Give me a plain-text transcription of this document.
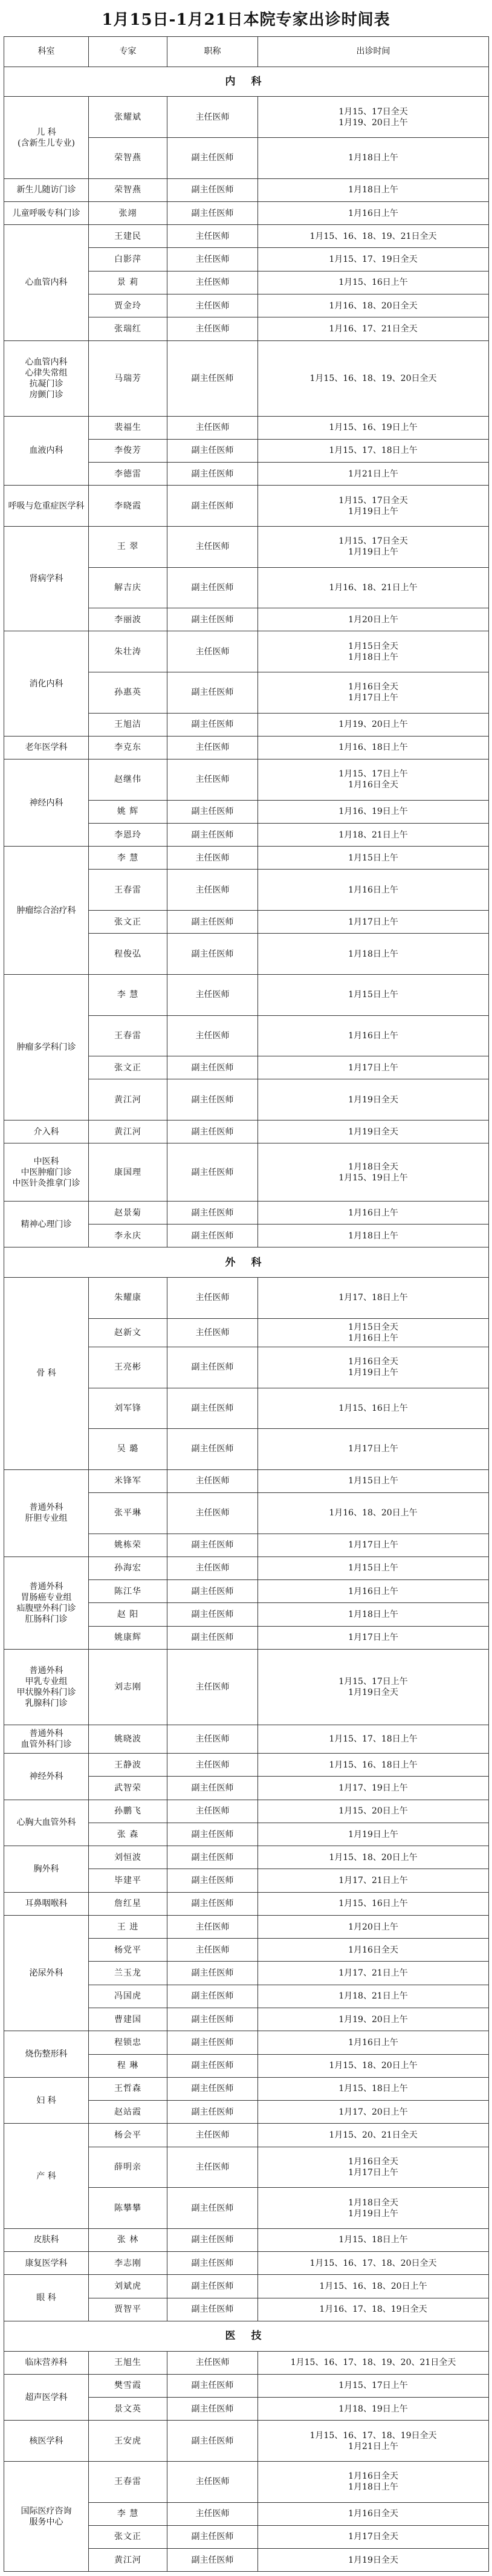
1月15日-1月21日本院专家出诊时间表
科室	专家	职称	出诊时间
内 科			
儿 科
(含新生儿专业)	张耀斌	主任医师	1月15、17日全天
1月19、20日上午
	荣智燕	副主任医师	1月18日上午
新生儿随访门诊	荣智燕	副主任医师	1月18日上午
儿童呼吸专科门诊	张翊	副主任医师	1月16日上午
心血管内科	王建民	主任医师	1月15、16、18、19、21日全天
	白影萍	主任医师	1月15、17、19日全天
	景 莉	主任医师	1月15、16日上午
	贾金玲	主任医师	1月16、18、20日全天
	张瑞红	主任医师	1月16、17、21日全天
心血管内科
心律失常组
抗凝门诊
房颤门诊	马瑞芳	副主任医师	1月15、16、18、19、20日全天
血液内科	裴福生	主任医师	1月15、16、19日上午
	李俊芳	副主任医师	1月15、17、18日上午
	李德雷	副主任医师	1月21日上午
呼吸与危重症医学科	李晓霞	副主任医师	1月15、17日全天
1月19日上午
肾病学科	王 翠	主任医师	1月15、17日全天
1月19日上午
	解吉庆	副主任医师	1月16、18、21日上午
	李丽波	副主任医师	1月20日上午
消化内科	朱壮涛	主任医师	1月15日全天
1月18日上午
	孙惠英	副主任医师	1月16日全天
1月17日上午
	王旭洁	副主任医师	1月19、20日上午
老年医学科	李克东	主任医师	1月16、18日上午
神经内科	赵继伟	主任医师	1月15、17日上午
1月16日全天
	姚 辉	副主任医师	1月16、19日上午
	李恩玲	副主任医师	1月18、21日上午
肿瘤综合治疗科	李 慧	主任医师	1月15日上午
	王春雷	主任医师	1月16日上午
	张文正	副主任医师	1月17日上午
	程俊弘	副主任医师	1月18日上午
肿瘤多学科门诊	李 慧	主任医师	1月15日上午
	王春雷	主任医师	1月16日上午
	张文正	副主任医师	1月17日上午
	黄江河	副主任医师	1月19日全天
介入科	黄江河	副主任医师	1月19日全天
中医科
中医肿瘤门诊
中医针灸推拿门诊	康国理	副主任医师	1月18日全天
1月15、19日上午
精神心理门诊	赵景菊	副主任医师	1月16日上午
	李永庆	副主任医师	1月18日上午
外 科			
骨 科	朱耀康	主任医师	1月17、18日上午
	赵新文	主任医师	1月15日全天
1月16日上午
	王亮彬	副主任医师	1月16日全天
1月19日上午
	刘军锋	副主任医师	1月15、16日上午
	吴 璐	副主任医师	1月17日上午
普通外科
肝胆专业组	米锋军	主任医师	1月15日上午
	张平琳	主任医师	1月16、18、20日上午
	姚栋荣	副主任医师	1月17日上午
普通外科
胃肠癌专业组
疝腹壁外科门诊
肛肠科门诊	孙海宏	主任医师	1月15日上午
	陈江华	副主任医师	1月16日上午
	赵 阳	副主任医师	1月18日上午
	姚康辉	副主任医师	1月17日上午
普通外科
甲乳专业组
甲状腺外科门诊
乳腺科门诊	刘志刚	主任医师	1月15、17日上午
1月19日全天
普通外科
血管外科门诊	姚晓波	主任医师	1月15、17、18日上午
神经外科	王静波	主任医师	1月15、16、18日上午
	武智荣	副主任医师	1月17、19日上午
心胸大血管外科	孙鹏飞	主任医师	1月15、20日上午
	张 森	副主任医师	1月19日上午
胸外科	刘恒波	副主任医师	1月15、18、20日上午
	毕建平	副主任医师	1月17、21日上午
耳鼻咽喉科	詹红星	副主任医师	1月15、16日上午
泌尿外科	王 进	主任医师	1月20日上午
	杨党平	主任医师	1月16日全天
	兰玉龙	副主任医师	1月17、21日上午
	冯国虎	副主任医师	1月18、21日上午
	曹建国	副主任医师	1月19、20日上午
烧伤整形科	程锁忠	副主任医师	1月16日上午
	程 琳	副主任医师	1月15、18、20日上午
妇 科	王哲森	副主任医师	1月15、18日上午
	赵站霞	副主任医师	1月17、20日上午
产 科	杨会平	主任医师	1月15、20、21日全天
	薛明亲	主任医师	1月16日全天
1月17日上午
	陈攀攀	副主任医师	1月18日全天
1月19日上午
皮肤科	张 林	副主任医师	1月15、18日上午
康复医学科	李志刚	副主任医师	1月15、16、17、18、20日全天
眼 科	刘斌虎	副主任医师	1月15、16、18、20日上午
	贾智平	副主任医师	1月16、17、18、19日全天
医 技			
临床营养科	王旭生	主任医师	1月15、16、17、18、19、20、21日全天
超声医学科	樊雪霞	副主任医师	1月15、17日上午
	景文英	副主任医师	1月18、19日上午
核医学科	王安虎	副主任医师	1月15、16、17、18、19日全天
1月21日上午
国际医疗咨询
服务中心	王春雷	主任医师	1月16日全天
1月18日上午
	李 慧	主任医师	1月16日全天
	张文正	副主任医师	1月17日全天
	黄江河	副主任医师	1月19日全天
